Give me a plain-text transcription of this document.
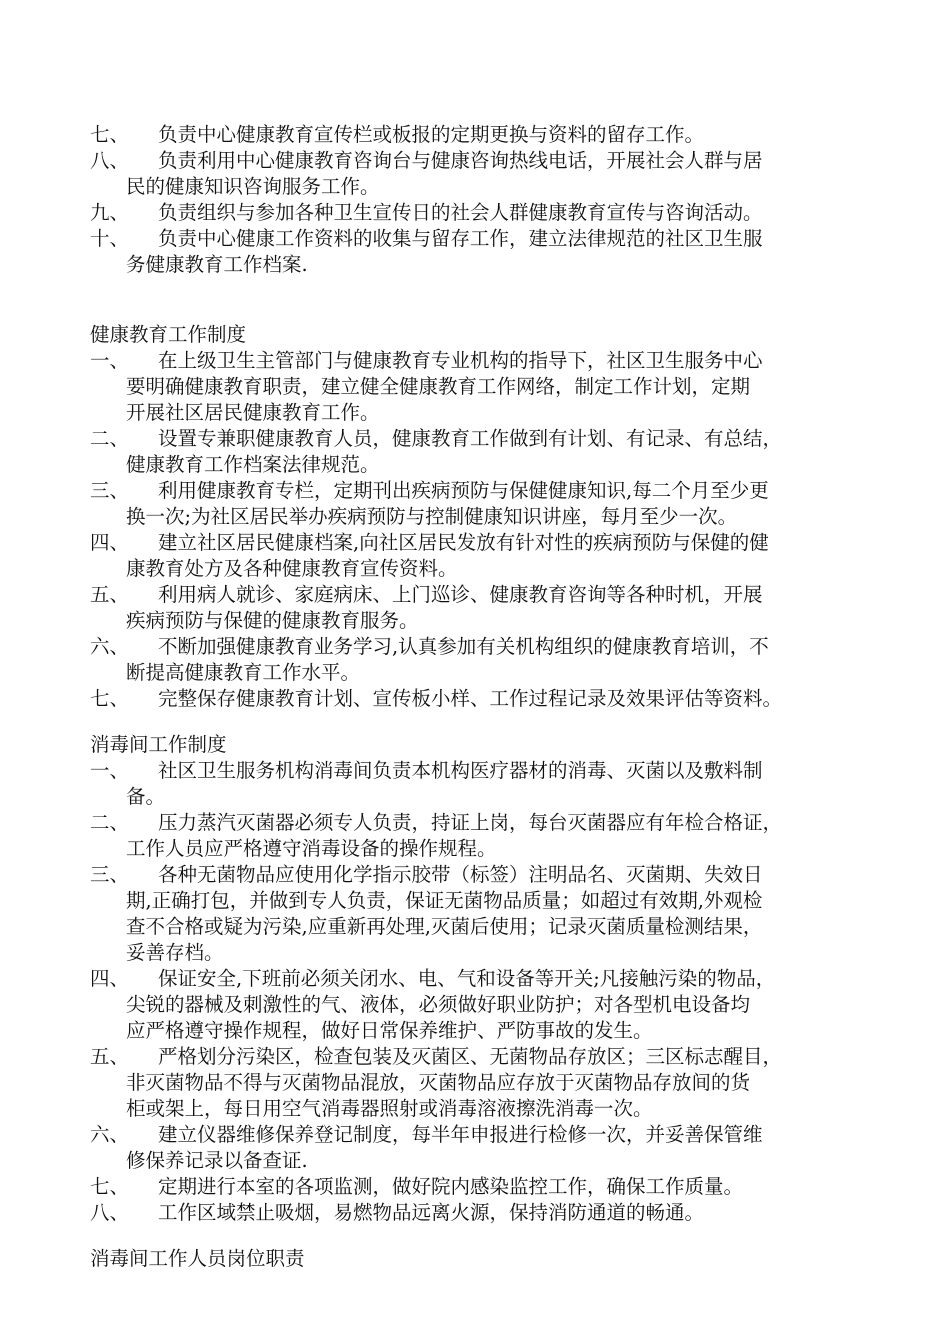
七、	负责中心健康教育宣传栏或板报的定期更换与资料的留存工作。
八、	负责利用中心健康教育咨询台与健康咨询热线电话，开展社会人群与居
民的健康知识咨询服务工作。
九、	负责组织与参加各种卫生宣传日的社会人群健康教育宣传与咨询活动。
十、	负责中心健康工作资料的收集与留存工作，建立法律规范的社区卫生服
务健康教育工作档案.
健康教育工作制度
一、	在上级卫生主管部门与健康教育专业机构的指导下，社区卫生服务中心
要明确健康教育职责，建立健全健康教育工作网络，制定工作计划，定期
开展社区居民健康教育工作。
二、	设置专兼职健康教育人员，健康教育工作做到有计划、有记录、有总结，
健康教育工作档案法律规范。
三、	利用健康教育专栏，定期刊出疾病预防与保健健康知识,每二个月至少更
换一次;为社区居民举办疾病预防与控制健康知识讲座，每月至少一次。
四、	建立社区居民健康档案,向社区居民发放有针对性的疾病预防与保健的健
康教育处方及各种健康教育宣传资料。
五、	利用病人就诊、家庭病床、上门巡诊、健康教育咨询等各种时机，开展
疾病预防与保健的健康教育服务。
六、	不断加强健康教育业务学习,认真参加有关机构组织的健康教育培训，不
断提高健康教育工作水平。
七、	完整保存健康教育计划、宣传板小样、工作过程记录及效果评估等资料。
消毒间工作制度
一、	社区卫生服务机构消毒间负责本机构医疗器材的消毒、灭菌以及敷料制
备。
二、	压力蒸汽灭菌器必须专人负责，持证上岗，每台灭菌器应有年检合格证，
工作人员应严格遵守消毒设备的操作规程。
三、	各种无菌物品应使用化学指示胶带（标签）注明品名、灭菌期、失效日
期,正确打包，并做到专人负责，保证无菌物品质量；如超过有效期,外观检
查不合格或疑为污染,应重新再处理,灭菌后使用；记录灭菌质量检测结果，
妥善存档。
四、	保证安全,下班前必须关闭水、电、气和设备等开关;凡接触污染的物品，
尖锐的器械及刺激性的气、液体，必须做好职业防护；对各型机电设备均
应严格遵守操作规程，做好日常保养维护、严防事故的发生。
五、	严格划分污染区，检查包装及灭菌区、无菌物品存放区；三区标志醒目，
非灭菌物品不得与灭菌物品混放，灭菌物品应存放于灭菌物品存放间的货
柜或架上，每日用空气消毒器照射或消毒溶液擦洗消毒一次。
六、	建立仪器维修保养登记制度，每半年申报进行检修一次，并妥善保管维
修保养记录以备查证.
七、	定期进行本室的各项监测，做好院内感染监控工作，确保工作质量。
八、	工作区域禁止吸烟，易燃物品远离火源，保持消防通道的畅通。
消毒间工作人员岗位职责
